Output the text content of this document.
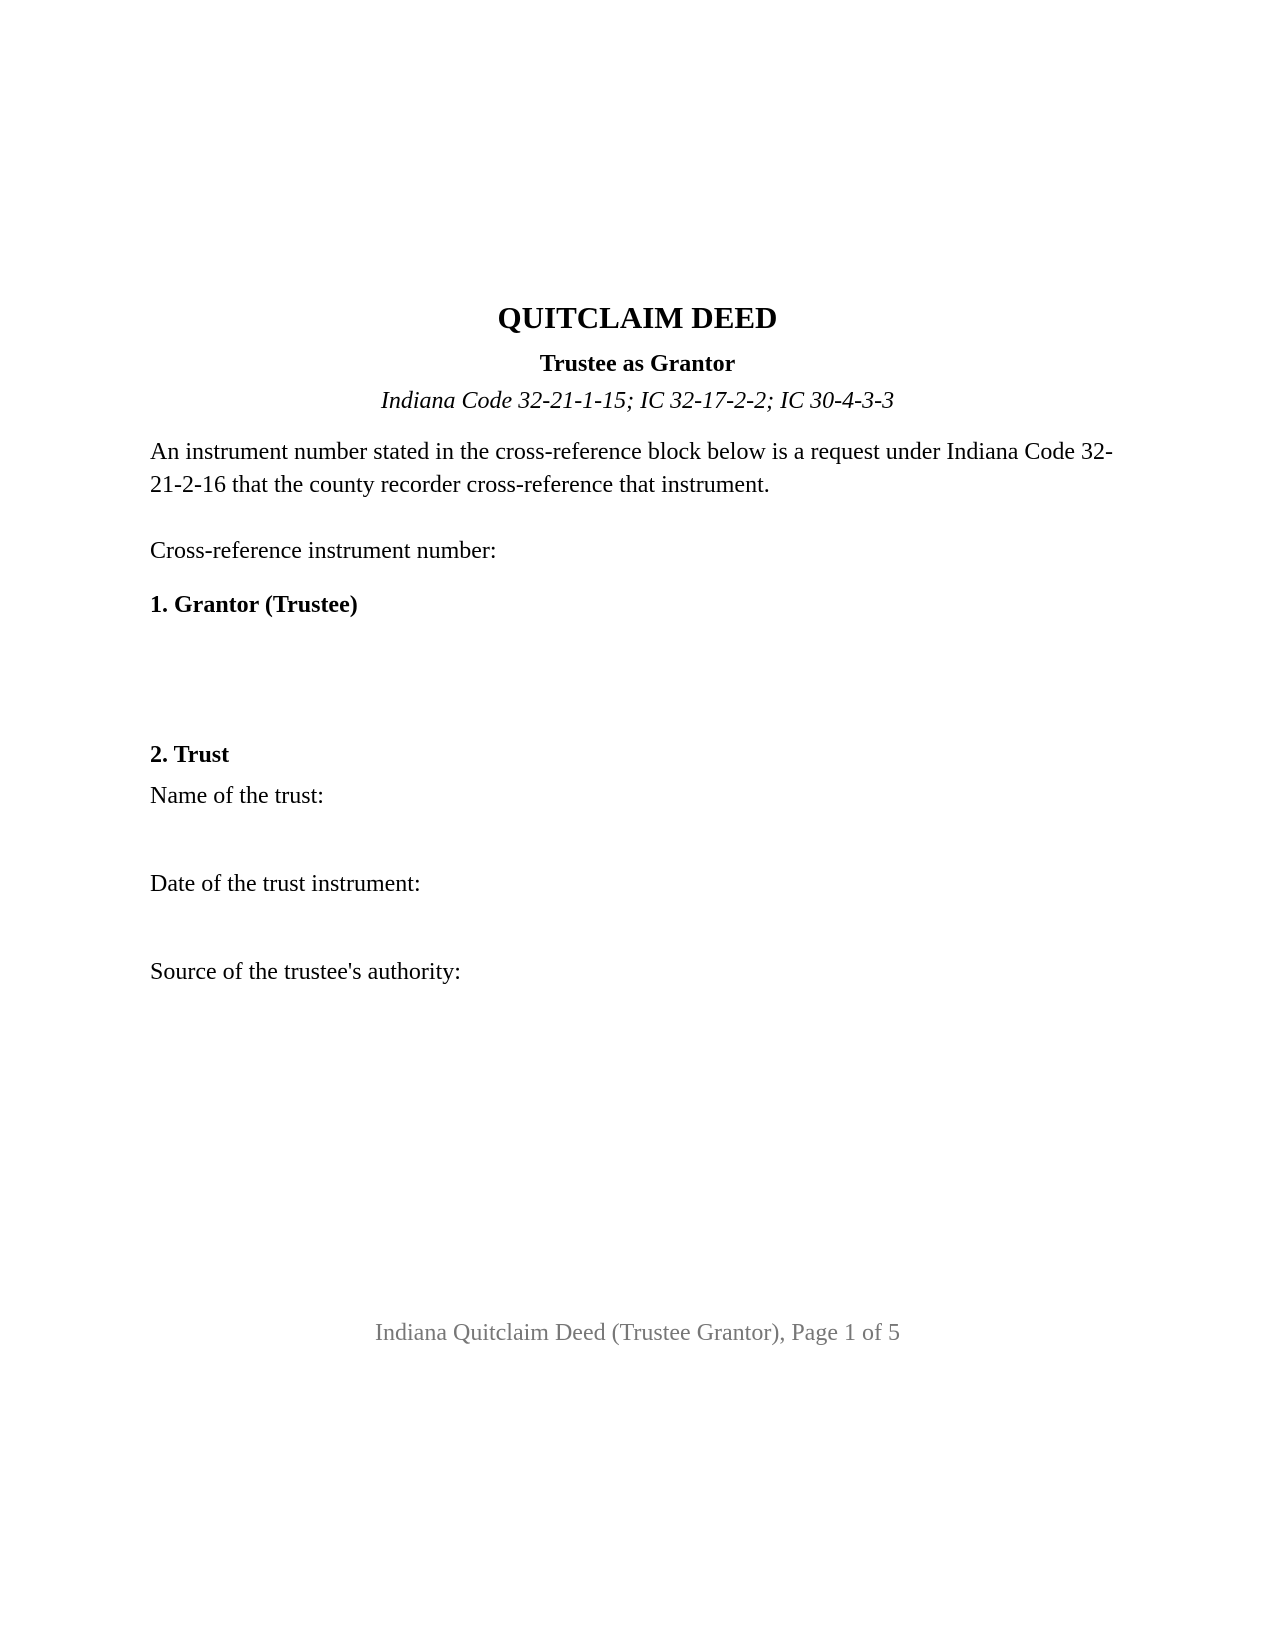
QUITCLAIM DEED
Trustee as Grantor
Indiana Code 32-21-1-15; IC 32-17-2-2; IC 30-4-3-3

An instrument number stated in the cross-reference block below is a request under Indiana Code 32-21-2-16 that the county recorder cross-reference that instrument.

Cross-reference instrument number:
1. Grantor (Trustee)
2. Trust
Name of the trust:
Date of the trust instrument:
Source of the trustee's authority:
Indiana Quitclaim Deed (Trustee Grantor), Page 1 of 5
